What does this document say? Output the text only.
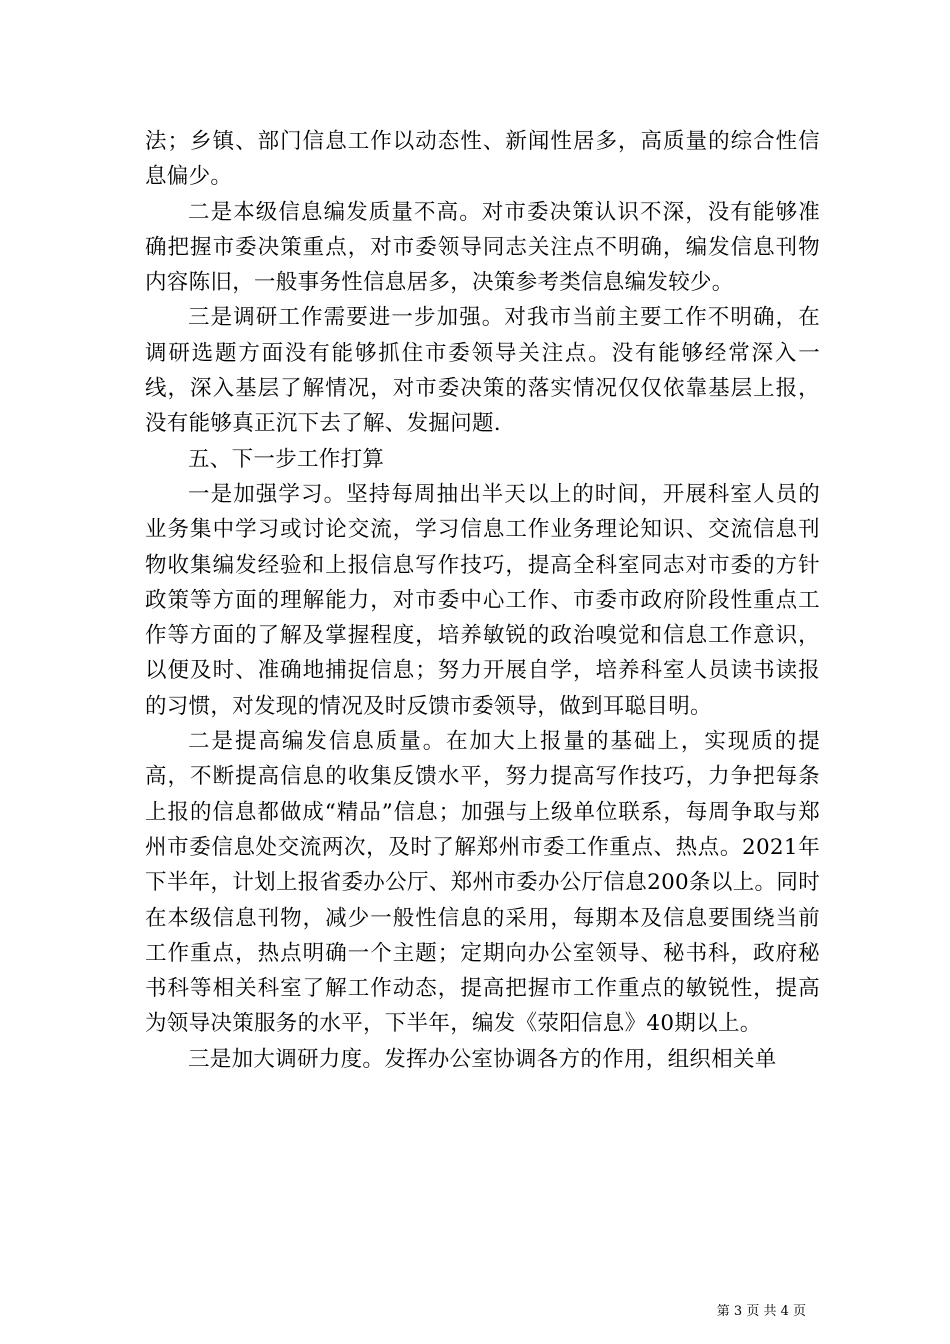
法；乡镇、部门信息工作以动态性、新闻性居多，高质量的综合性信息偏少。

二是本级信息编发质量不高。对市委决策认识不深，没有能够准确把握市委决策重点，对市委领导同志关注点不明确，编发信息刊物内容陈旧，一般事务性信息居多，决策参考类信息编发较少。

三是调研工作需要进一步加强。对我市当前主要工作不明确，在调研选题方面没有能够抓住市委领导关注点。没有能够经常深入一线，深入基层了解情况，对市委决策的落实情况仅仅依靠基层上报，没有能够真正沉下去了解、发掘问题.

五、下一步工作打算

一是加强学习。坚持每周抽出半天以上的时间，开展科室人员的业务集中学习或讨论交流，学习信息工作业务理论知识、交流信息刊物收集编发经验和上报信息写作技巧，提高全科室同志对市委的方针政策等方面的理解能力，对市委中心工作、市委市政府阶段性重点工作等方面的了解及掌握程度，培养敏锐的政治嗅觉和信息工作意识，以便及时、准确地捕捉信息；努力开展自学，培养科室人员读书读报的习惯，对发现的情况及时反馈市委领导，做到耳聪目明。

二是提高编发信息质量。在加大上报量的基础上，实现质的提高，不断提高信息的收集反馈水平，努力提高写作技巧，力争把每条上报的信息都做成“精品”信息；加强与上级单位联系，每周争取与郑州市委信息处交流两次，及时了解郑州市委工作重点、热点。2021年下半年，计划上报省委办公厅、郑州市委办公厅信息200条以上。同时在本级信息刊物，减少一般性信息的采用，每期本及信息要围绕当前工作重点，热点明确一个主题；定期向办公室领导、秘书科，政府秘书科等相关科室了解工作动态，提高把握市工作重点的敏锐性，提高为领导决策服务的水平，下半年，编发《荥阳信息》40期以上。

三是加大调研力度。发挥办公室协调各方的作用，组织相关单

第 3 页 共 4 页
